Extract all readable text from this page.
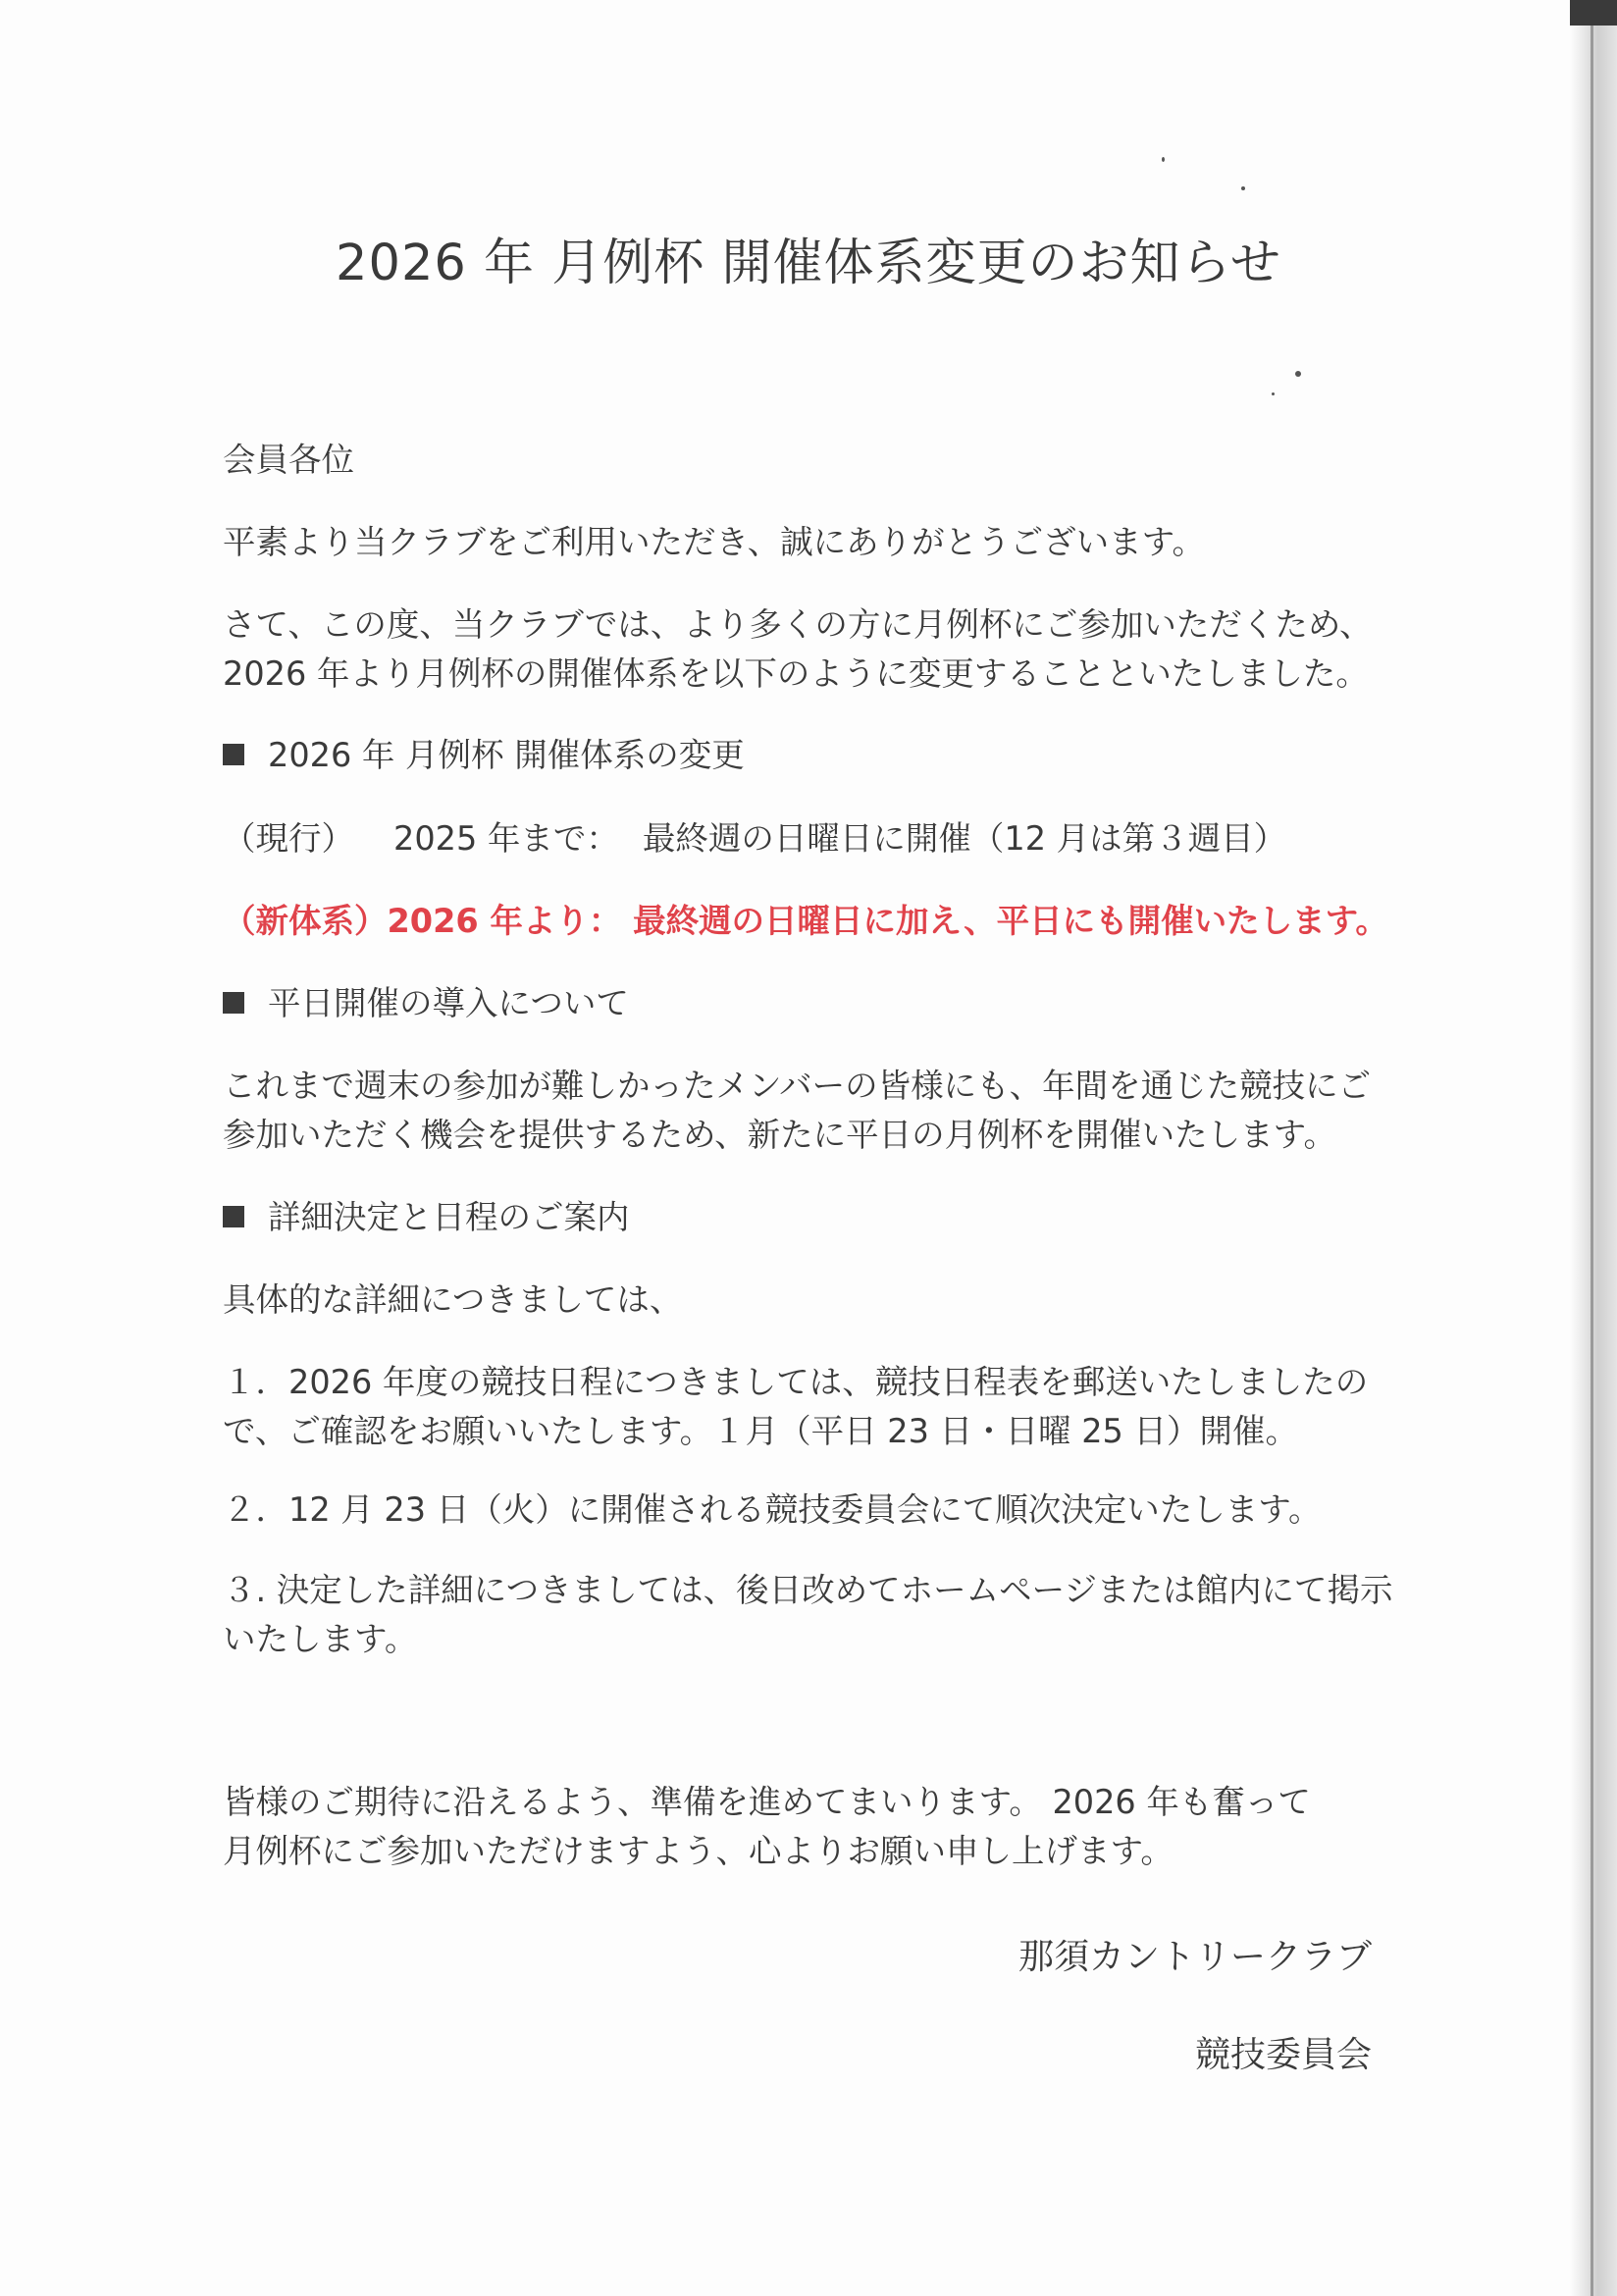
2026 年 月例杯 開催体系変更のお知らせ
会員各位
平素より当クラブをご利用いただき、誠にありがとうございます。
さて、この度、当クラブでは、より多くの方に月例杯にご参加いただくため、
2026 年より月例杯の開催体系を以下のように変更することといたしました。
2026 年 月例杯 開催体系の変更
（現行） 2025 年まで： 最終週の日曜日に開催（12 月は第３週目）
（新体系）2026 年より： 最終週の日曜日に加え、平日にも開催いたします。
平日開催の導入について
これまで週末の参加が難しかったメンバーの皆様にも、年間を通じた競技にご
参加いただく機会を提供するため、新たに平日の月例杯を開催いたします。
詳細決定と日程のご案内
具体的な詳細につきましては、
１．2026 年度の競技日程につきましては、競技日程表を郵送いたしましたの
で、ご確認をお願いいたします。１月（平日 23 日・日曜 25 日）開催。
２．12 月 23 日（火）に開催される競技委員会にて順次決定いたします。
３. 決定した詳細につきましては、後日改めてホームページまたは館内にて掲示
いたします。
皆様のご期待に沿えるよう、準備を進めてまいります。 2026 年も奮って
月例杯にご参加いただけますよう、心よりお願い申し上げます。
那須カントリークラブ
競技委員会
